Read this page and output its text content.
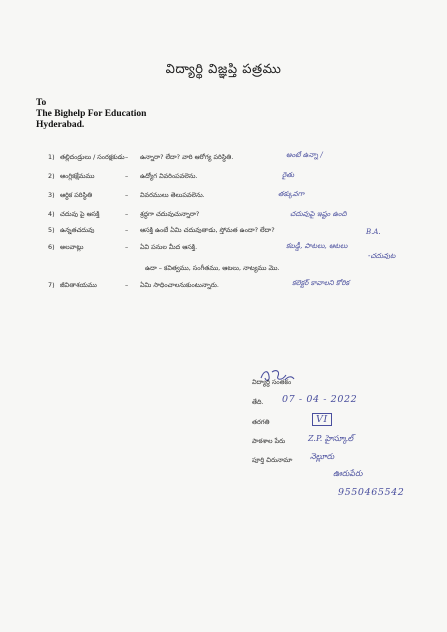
విద్యార్థి విజ్ఞప్తి పత్రము
To
The Bighelp For Education
Hyderabad.
1) తల్లిదండ్రులు / సంరక్షకుడు – ఉన్నారా? లేదా? వారి ఆరోగ్య పరిస్థితి.	అంటే ఉన్నా /
2) ఆంగ్లికక్షేమము	– ఉద్యోగ వివరింపవలెను.	రైతు
3) ఆర్థిక పరిస్థితి	– వివరములు తెలుపవలెను.	తక్కువగా
4) చదువు పై ఆసక్తి	– శ్రద్ధగా చదువుచున్నారా?	చదువుపై ఇష్టం ఉంది
5) ఉన్నతచదువు	– ఆసక్తి ఉంటే ఏమి చదువుతాడు, స్తోమత ఉందా? లేదా?	B.A.
6) అలవాట్లు	– ఏవి పనుల మీద ఆసక్తి.	కబడ్డీ, పాటలు, ఆటలు
-చదువుట
ఉదా – కవిత్వము, సంగీతము, ఆటలు, నాట్యము మొ.
7) జీవితాశయము	– ఏమి సాధించాలనుకుంటున్నారు.	కలెక్టర్ కావాలని కోరిక
విద్యార్థి సంతకం
తేది. 07 - 04 - 2022
తరగతి	VI
పాఠశాల పేరు	Z.P. హైస్కూల్
పూర్తి చిరునామా నెల్లూరు
ఊరుపేరు
9550465542
